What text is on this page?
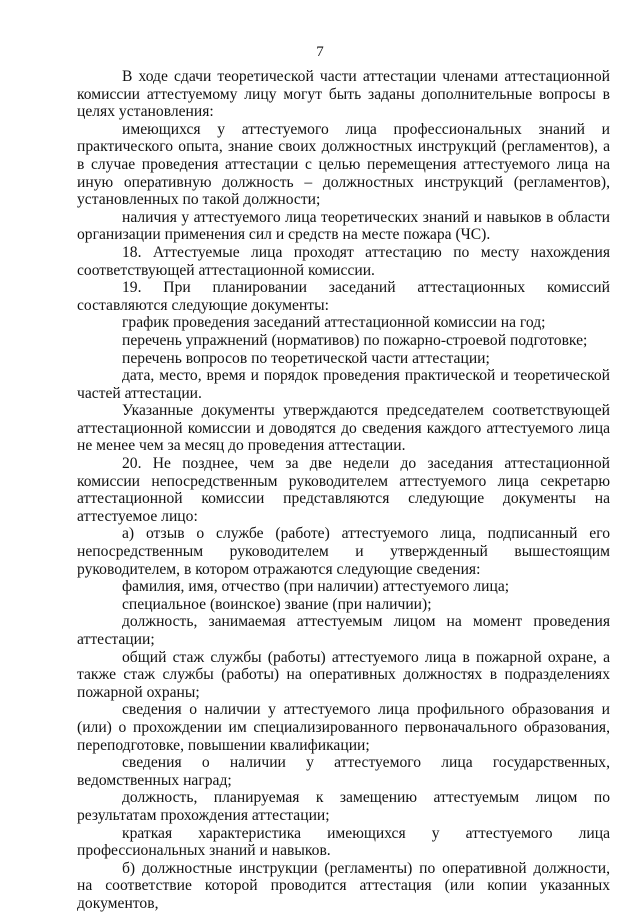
7

В ходе сдачи теоретической части аттестации членами аттестационной комиссии аттестуемому лицу могут быть заданы дополнительные вопросы в целях установления:

имеющихся у аттестуемого лица профессиональных знаний и практического опыта, знание своих должностных инструкций (регламентов), а в случае проведения аттестации с целью перемещения аттестуемого лица на иную оперативную должность – должностных инструкций (регламентов), установленных по такой должности;

наличия у аттестуемого лица теоретических знаний и навыков в области организации применения сил и средств на месте пожара (ЧС).

18. Аттестуемые лица проходят аттестацию по месту нахождения соответствующей аттестационной комиссии.

19. При планировании заседаний аттестационных комиссий составляются следующие документы:

график проведения заседаний аттестационной комиссии на год;

перечень упражнений (нормативов) по пожарно-строевой подготовке;

перечень вопросов по теоретической части аттестации;

дата, место, время и порядок проведения практической и теоретической частей аттестации.

Указанные документы утверждаются председателем соответствующей аттестационной комиссии и доводятся до сведения каждого аттестуемого лица не менее чем за месяц до проведения аттестации.

20. Не позднее, чем за две недели до заседания аттестационной комиссии непосредственным руководителем аттестуемого лица секретарю аттестационной комиссии представляются следующие документы на аттестуемое лицо:

а) отзыв о службе (работе) аттестуемого лица, подписанный его непосредственным руководителем и утвержденный вышестоящим руководителем, в котором отражаются следующие сведения:

фамилия, имя, отчество (при наличии) аттестуемого лица;

специальное (воинское) звание (при наличии);

должность, занимаемая аттестуемым лицом на момент проведения аттестации;

общий стаж службы (работы) аттестуемого лица в пожарной охране, а также стаж службы (работы) на оперативных должностях в подразделениях пожарной охраны;

сведения о наличии у аттестуемого лица профильного образования и (или) о прохождении им специализированного первоначального образования, переподготовке, повышении квалификации;

сведения о наличии у аттестуемого лица государственных, ведомственных наград;

должность, планируемая к замещению аттестуемым лицом по результатам прохождения аттестации;

краткая характеристика имеющихся у аттестуемого лица профессиональных знаний и навыков.

б) должностные инструкции (регламенты) по оперативной должности, на соответствие которой проводится аттестация (или копии указанных документов,
